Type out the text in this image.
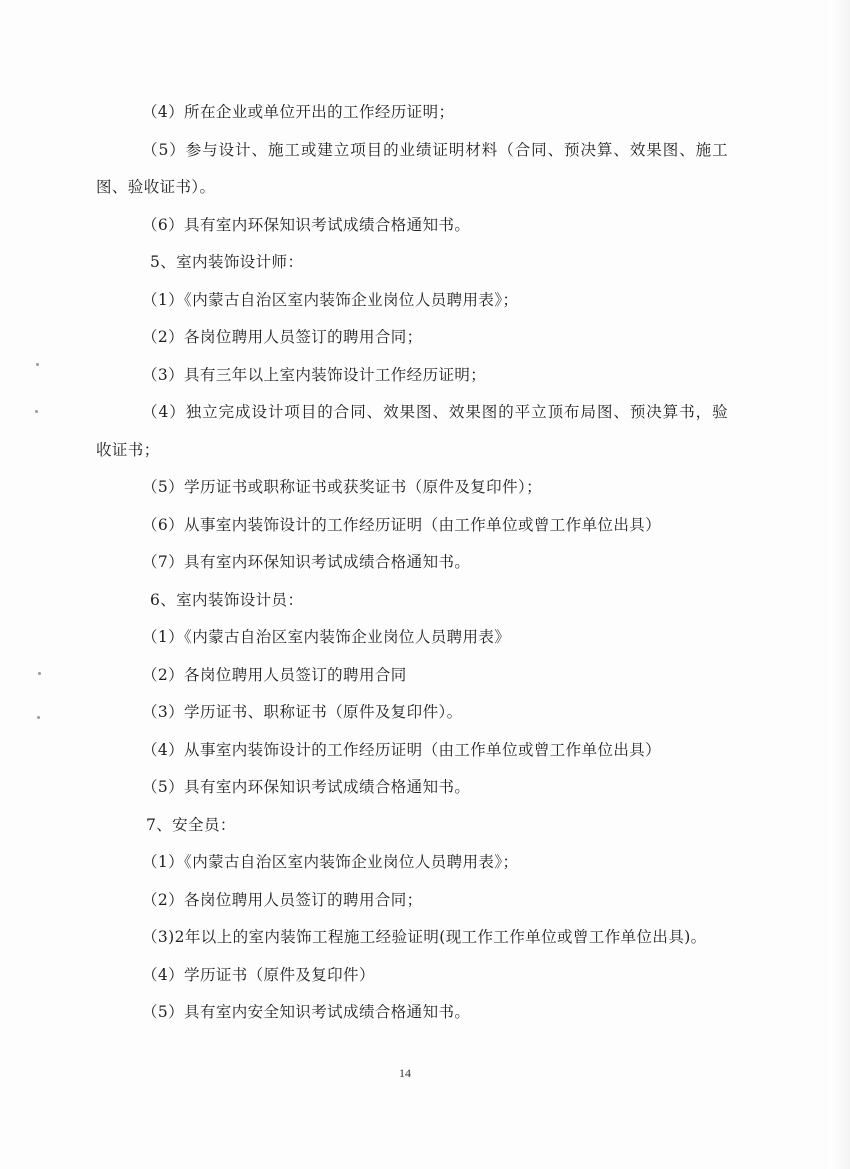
（4）所在企业或单位开出的工作经历证明；
（5）参与设计、施工或建立项目的业绩证明材料（合同、预决算、效果图、施工
图、验收证书）。
（6）具有室内环保知识考试成绩合格通知书。
5、室内装饰设计师：
（1）《内蒙古自治区室内装饰企业岗位人员聘用表》；
（2）各岗位聘用人员签订的聘用合同；
（3）具有三年以上室内装饰设计工作经历证明；
（4）独立完成设计项目的合同、效果图、效果图的平立顶布局图、预决算书，验
收证书；
（5）学历证书或职称证书或获奖证书（原件及复印件）；
（6）从事室内装饰设计的工作经历证明（由工作单位或曾工作单位出具）
（7）具有室内环保知识考试成绩合格通知书。
6、室内装饰设计员：
（1）《内蒙古自治区室内装饰企业岗位人员聘用表》
（2）各岗位聘用人员签订的聘用合同
（3）学历证书、职称证书（原件及复印件）。
（4）从事室内装饰设计的工作经历证明（由工作单位或曾工作单位出具）
（5）具有室内环保知识考试成绩合格通知书。
7、安全员：
（1）《内蒙古自治区室内装饰企业岗位人员聘用表》；
（2）各岗位聘用人员签订的聘用合同；
（3)2年以上的室内装饰工程施工经验证明(现工作工作单位或曾工作单位出具)。
（4）学历证书（原件及复印件）
（5）具有室内安全知识考试成绩合格通知书。
14
